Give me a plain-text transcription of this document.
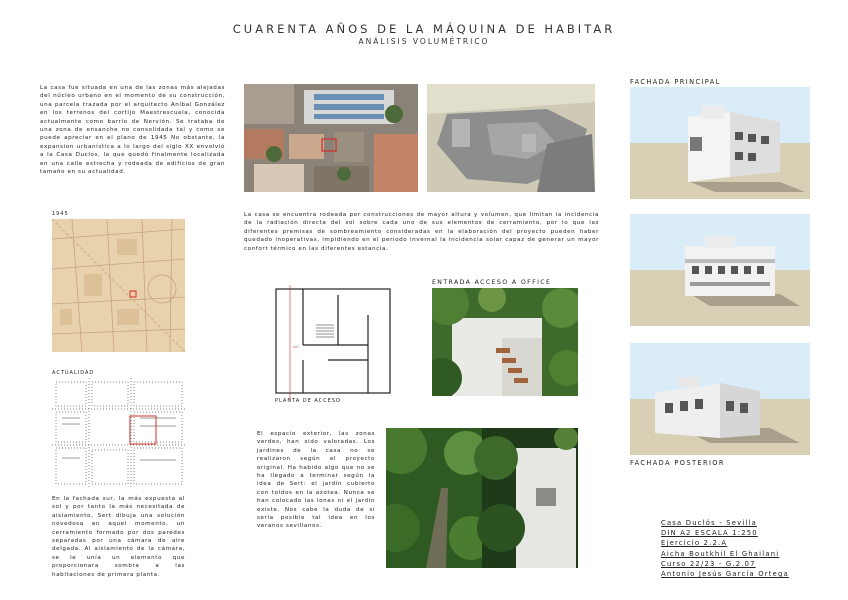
CUARENTA AÑOS DE LA MÁQUINA DE HABITAR
ANÁLISIS VOLUMÉTRICO
La casa fue situada en una de las zonas más alejadas del núcleo urbano en el momento de su construcción, una parcela trazada por el arquitecto Aníbal González en los terrenos del cortijo Maestrescuela, conocida actualmente como barrio de Nervión. Se trataba de una zona de ensanche no consolidada tal y como se puede apreciar en el plano de 1945 No obstante, la expansion urbanística a lo largo del siglo XX envolvió a la Casa Duclos, la que quedó finalmente localizada en una calle estrecha y rodeada de edificios de gran tamaño en su actualidad.
1945
ACTUALIDAD
En la fachada sur, la más expuesta al sol y por tanto la más necesitada de aislamiento, Sert dibuja una solución novedosa en aquel momento, un cerramiento formado por dos paredes separadas por una cámara de aire delgada. Al aislamiento de la cámara, se le unía un elemento que proporcionara sombra a las habitaciones de primera planta.
La casa se encuentra rodeada por construcciones de mayor altura y volumen, que limitan la incidencia de la radiación directa del sol sobre cada uno de sus elementos de cerramiento, por lo que las diferentes premisas de sombreamiento consideradas en la elaboración del proyecto pueden haber quedado inoperativas, impidiendo en el periodo invernal la incidencia solar capaz de generar un mayor confort térmico en las diferentes estancia.
PLANTA DE ACCESO
ENTRADA ACCESO A OFFICE
El espacio exterior, las zonas verdes, han sido valoradas. Los jardines de la casa no se realizaron según el proyecto original. Ha habido algo que no se ha llegado a terminar según la idea de Sert: el jardín cubierto con toldos en la azotea. Nunca se han colocado las lonas ni el jardín existe. Nos cabe la duda de si sería posible tal idea en los veranos sevillanos.
FACHADA PRINCIPAL
FACHADA POSTERIOR
Casa Duclós - Sevilla
DIN A2 ESCALA 1:250
Ejercicio 2.2.A
Aicha Boutkhil El Ghailani
Curso 22/23 - G.2.07
Antonio Jesús García Ortega
